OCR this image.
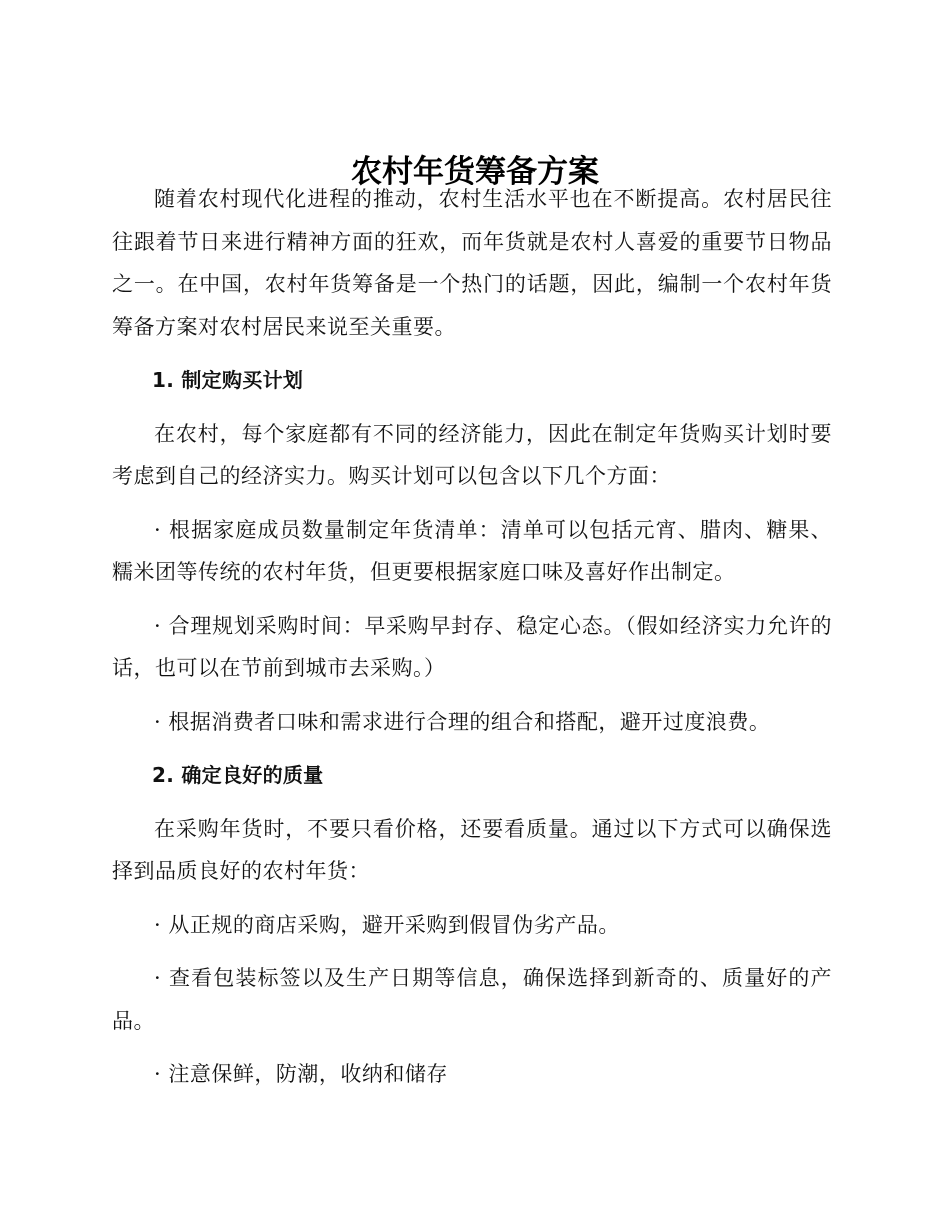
农村年货筹备方案

随着农村现代化进程的推动，农村生活水平也在不断提高。农村居民往往跟着节日来进行精神方面的狂欢，而年货就是农村人喜爱的重要节日物品之一。在中国，农村年货筹备是一个热门的话题，因此，编制一个农村年货筹备方案对农村居民来说至关重要。

1. 制定购买计划

在农村，每个家庭都有不同的经济能力，因此在制定年货购买计划时要考虑到自己的经济实力。购买计划可以包含以下几个方面：

· 根据家庭成员数量制定年货清单：清单可以包括元宵、腊肉、糖果、糯米团等传统的农村年货，但更要根据家庭口味及喜好作出制定。

· 合理规划采购时间：早采购早封存、稳定心态。（假如经济实力允许的话，也可以在节前到城市去采购。）

· 根据消费者口味和需求进行合理的组合和搭配，避开过度浪费。

2. 确定良好的质量

在采购年货时，不要只看价格，还要看质量。通过以下方式可以确保选择到品质良好的农村年货：

· 从正规的商店采购，避开采购到假冒伪劣产品。

· 查看包装标签以及生产日期等信息，确保选择到新奇的、质量好的产品。

· 注意保鲜，防潮，收纳和储存
